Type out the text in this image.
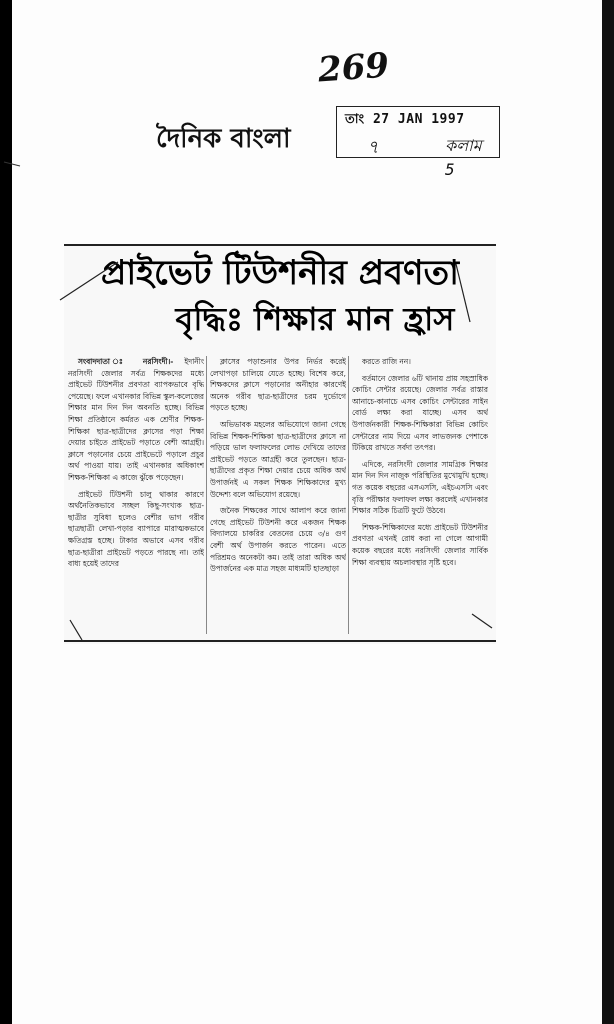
269
দৈনিক বাংলা
তাং 27 JAN 1997
৭	কলাম 5
প্রাইভেট টিউশনীর প্রবণতা
বৃদ্ধিঃ শিক্ষার মান হ্রাস

সংবাদদাতা ঃ নরসিংদী।- ইদানীং নরসিংদী জেলার সর্বত্র শিক্ষকদের মধ্যে প্রাইভেট টিউশনীর প্রবণতা ব্যাপকভাবে বৃদ্ধি পেয়েছে। ফলে এখানকার বিভিন্ন স্কুল-কলেজের শিক্ষার মান দিন দিন অবনতি হচ্ছে। বিভিন্ন শিক্ষা প্রতিষ্ঠানে কর্মরত এক শ্রেণীর শিক্ষক-শিক্ষিকা ছাত্র-ছাত্রীদের ক্লাসের পড়া শিক্ষা দেয়ার চাইতে প্রাইভেট পড়াতে বেশী আগ্রহী। ক্লাসে পড়ানোর চেয়ে প্রাইভেটে পড়ালে প্রচুর অর্থ পাওয়া যায়। তাই এখানকার অধিকাংশ শিক্ষক-শিক্ষিকা এ কাজে ঝুঁকে পড়েছেন।

প্রাইভেট টিউশনী চালু থাকার কারণে অর্থনৈতিকভাবে সচ্ছল কিছু-সংখ্যক ছাত্র-ছাত্রীর সুবিধা হলেও বেশীর ভাগ গরীব ছাত্রছাত্রী লেখা-পড়ার ব্যাপারে মারাত্মকভাবে ক্ষতিগ্রস্ত হচ্ছে। টাকার অভাবে এসব গরীব ছাত্র-ছাত্রীরা প্রাইভেট পড়তে পারছে না। তাই বাধ্য হয়েই তাদের

ক্লাসের পড়াশুনার উপর নির্ভর করেই লেখাপড়া চালিয়ে যেতে হচ্ছে। বিশেষ করে, শিক্ষকদের ক্লাসে পড়ানোর অনীহার কারণেই অনেক গরীব ছাত্র-ছাত্রীদের চরম দুর্ভোগে পড়তে হচ্ছে।

অভিভাবক মহলের অভিযোগে জানা গেছে বিভিন্ন শিক্ষক-শিক্ষিকা ছাত্র-ছাত্রীদের ক্লাসে না পড়িয়ে ভাল ফলাফলের লোভ দেখিয়ে তাদের প্রাইভেট পড়তে আগ্রহী করে তুলছেন। ছাত্র-ছাত্রীদের প্রকৃত শিক্ষা দেয়ার চেয়ে অধিক অর্থ উপার্জনই এ সকল শিক্ষক শিক্ষিকাদের মুখ্য উদ্দেশ্য বলে অভিযোগ রয়েছে।

জনৈক শিক্ষকের সাথে আলাপ করে জানা গেছে প্রাইভেট টিউশনী করে একজন শিক্ষক বিদ্যালয়ে চাকরির বেতনের চেয়ে ৩/৪ গুণ বেশী অর্থ উপার্জন করতে পারেন। এতে পরিশ্রমও অনেকটা কম। তাই তারা অধিক অর্থ উপার্জনের এক মাত্র সহজ মাধ্যমটি হাতছাড়া

করতে রাজি নন।

বর্তমানে জেলার ৬টি থানায় প্রায় সহস্রাধিক কোচিং সেন্টার রয়েছে। জেলার সর্বত্র রাস্তার আনাচে-কানাচে এসব কোচিং সেন্টারের সাইন বোর্ড লক্ষ্য করা যাচ্ছে। এসব অর্থ উপার্জনকারী শিক্ষক-শিক্ষিকারা বিভিন্ন কোচিং সেন্টারের নাম দিয়ে এসব লাভজনক পেশাকে টিকিয়ে রাখতে সর্বদা তৎপর।

এদিকে, নরসিংদী জেলার সামগ্রিক শিক্ষার মান দিন দিন নাজুক পরিস্থিতির মুখোমুখি হচ্ছে। গত কয়েক বছরের এসএসসি, এইচএসসি এবং বৃত্তি পরীক্ষার ফলাফল লক্ষ্য করলেই এখানকার শিক্ষার সঠিক চিত্রটি ফুটে উঠবে।

শিক্ষক-শিক্ষিকাদের মধ্যে প্রাইভেট টিউশনীর প্রবণতা এখনই রোধ করা না গেলে আগামী কয়েক বছরের মধ্যে নরসিংদী জেলার সার্বিক শিক্ষা ব্যবস্থায় অচলাবস্থার সৃষ্টি হবে।
